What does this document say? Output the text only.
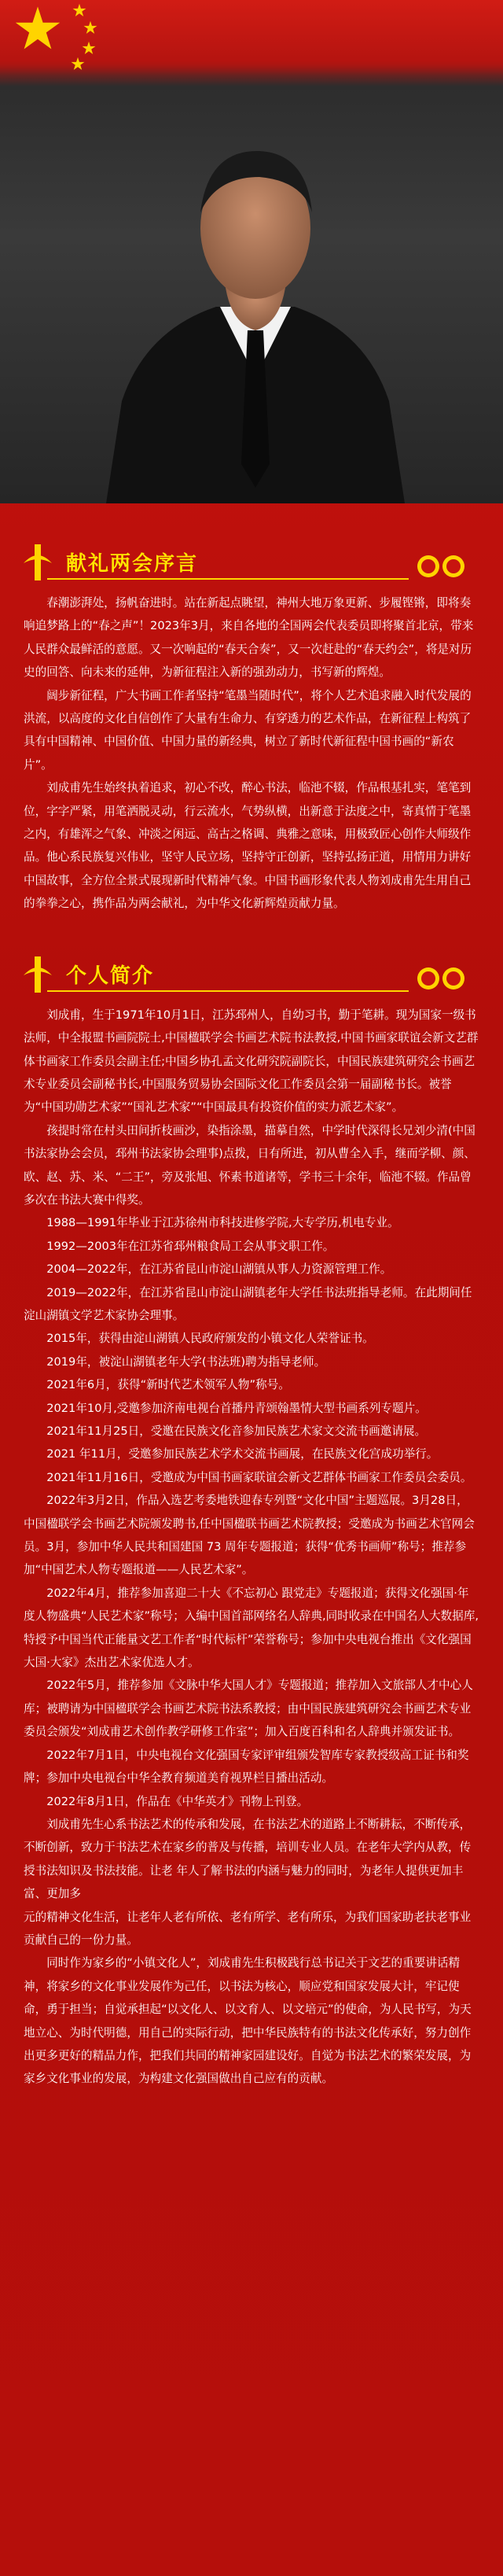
献礼两会序言

春潮澎湃处，扬帆奋进时。站在新起点眺望，神州大地万象更新、步履铿锵，即将奏响追梦路上的“春之声”！2023年3月，来自各地的全国两会代表委员即将聚首北京，带来人民群众最鲜活的意愿。又一次响起的“春天合奏”，又一次赶赴的“春天约会”，将是对历史的回答、向未来的延伸，为新征程注入新的强劲动力，书写新的辉煌。

阔步新征程，广大书画工作者坚持“笔墨当随时代”，将个人艺术追求融入时代发展的洪流，以高度的文化自信创作了大量有生命力、有穿透力的艺术作品，在新征程上构筑了具有中国精神、中国价值、中国力量的新经典，树立了新时代新征程中国书画的“新农片”。

刘成甫先生始终执着追求，初心不改，醉心书法，临池不辍，作品根基扎实，笔笔到位，字字严紧，用笔洒脱灵动，行云流水，气势纵横，出新意于法度之中，寄真情于笔墨之内，有雄浑之气象、冲淡之闲远、高古之格调、典雅之意味，用极致匠心创作大师级作品。他心系民族复兴伟业，坚守人民立场，坚持守正创新，坚持弘扬正道，用情用力讲好中国故事，全方位全景式展现新时代精神气象。中国书画形象代表人物刘成甫先生用自己的拳拳之心，携作品为两会献礼，为中华文化新辉煌贡献力量。

个人简介

刘成甫，生于1971年10月1日，江苏邳州人，自幼习书，勤于笔耕。现为国家一级书法师，中全报盟书画院院士,中国楹联学会书画艺术院书法教授,中国书画家联谊会新文艺群体书画家工作委员会副主任;中国乡协孔孟文化研究院副院长，中国民族建筑研究会书画艺术专业委员会副秘书长,中国服务贸易协会国际文化工作委员会第一届副秘书长。被誉为“中国功勋艺术家”“国礼艺术家”“中国最具有投资价值的实力派艺术家”。

孩提时常在村头田间折枝画沙，染指涂墨，描摹自然，中学时代深得长兄刘少清(中国书法家协会会员，邳州书法家协会理事)点拨，日有所进，初从曹全入手，继而学柳、颜、欧、赵、苏、米、“二王”，旁及张旭、怀素书道诸等，学书三十余年，临池不辍。作品曾多次在书法大赛中得奖。

1988—1991年毕业于江苏徐州市科技进修学院,大专学历,机电专业。

1992—2003年在江苏省邳州粮食局工会从事文职工作。

2004—2022年，在江苏省昆山市淀山湖镇从事人力资源管理工作。

2019—2022年，在江苏省昆山市淀山湖镇老年大学任书法班指导老师。在此期间任淀山湖镇文学艺术家协会理事。

2015年，获得由淀山湖镇人民政府颁发的小镇文化人荣誉证书。

2019年，被淀山湖镇老年大学(书法班)聘为指导老师。

2021年6月，获得“新时代艺术领军人物”称号。

2021年10月,受邀参加济南电视台首播丹青颂翰墨情大型书画系列专题片。

2021年11月25日，受邀在民族文化音参加民族艺术家文交流书画邀请展。

2021 年11月，受邀参加民族艺术学术交流书画展，在民族文化宫成功举行。

2021年11月16日，受邀成为中国书画家联谊会新文艺群体书画家工作委员会委员。

2022年3月2日，作品入选艺考委地铁迎春专列暨“文化中国”主题巡展。3月28日，中国楹联学会书画艺术院颁发聘书,任中国楹联书画艺术院教授；受邀成为书画艺术官网会员。3月，参加中华人民共和国建国 73 周年专题报道；获得“优秀书画师”称号；推荐参加“中国艺术人物专题报道——人民艺术家”。

2022年4月，推荐参加喜迎二十大《不忘初心 跟党走》专题报道；获得文化强国·年度人物盛典“人民艺术家”称号；入编中国首部网络名人辞典,同时收录在中国名人大数据库,特授予中国当代正能量文艺工作者“时代标杆”荣誉称号；参加中央电视台推出《文化强国大国·大家》杰出艺术家优选人才。

2022年5月，推荐参加《文脉中华大国人才》专题报道；推荐加入文旅部人才中心人库；被聘请为中国楹联学会书画艺术院书法系教授；由中国民族建筑研究会书画艺术专业委员会颁发“刘成甫艺术创作教学研修工作室”；加入百度百科和名人辞典并颁发证书。

2022年7月1日，中央电视台文化强国专家评审组颁发智库专家教授级高工证书和奖牌；参加中央电视台中华全教育频道美育视界栏目播出活动。

2022年8月1日，作品在《中华英才》刊物上刊登。

刘成甫先生心系书法艺术的传承和发展，在书法艺术的道路上不断耕耘，不断传承，不断创新，致力于书法艺术在家乡的普及与传播，培训专业人员。在老年大学内从教，传授书法知识及书法技能。让老 年人了解书法的内涵与魅力的同时，为老年人提供更加丰富、更加多

元的精神文化生活，让老年人老有所依、老有所学、老有所乐，为我们国家助老扶老事业贡献自己的一份力量。

同时作为家乡的“小镇文化人”，刘成甫先生积极践行总书记关于文艺的重要讲话精神，将家乡的文化事业发展作为己任，以书法为核心，顺应党和国家发展大计，牢记使命，勇于担当；自觉承担起“以文化人、以文育人、以文培元”的使命，为人民书写，为天地立心、为时代明德，用自己的实际行动，把中华民族特有的书法文化传承好，努力创作出更多更好的精品力作，把我们共同的精神家园建设好。自觉为书法艺术的繁荣发展，为家乡文化事业的发展，为构建文化强国做出自己应有的贡献。
